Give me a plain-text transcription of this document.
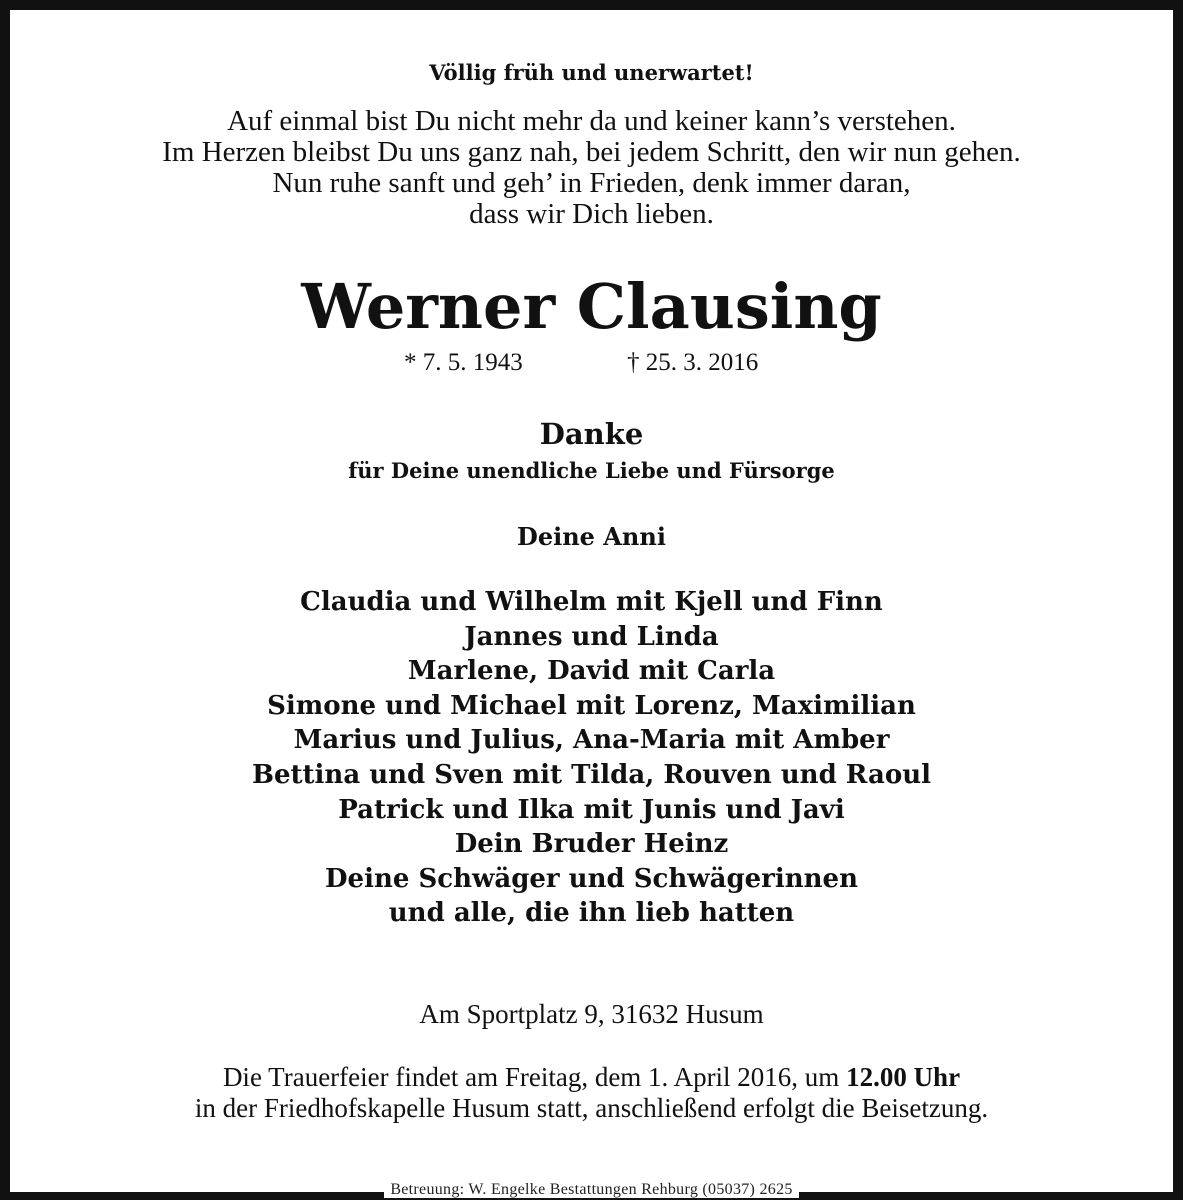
Völlig früh und unerwartet!
Auf einmal bist Du nicht mehr da und keiner kann’s verstehen.
Im Herzen bleibst Du uns ganz nah, bei jedem Schritt, den wir nun gehen.
Nun ruhe sanft und geh’ in Frieden, denk immer daran,
dass wir Dich lieben.
Werner Clausing
* 7. 5. 1943	† 25. 3. 2016
Danke
für Deine unendliche Liebe und Fürsorge
Deine Anni
Claudia und Wilhelm mit Kjell und Finn
Jannes und Linda
Marlene, David mit Carla
Simone und Michael mit Lorenz, Maximilian
Marius und Julius, Ana-Maria mit Amber
Bettina und Sven mit Tilda, Rouven und Raoul
Patrick und Ilka mit Junis und Javi
Dein Bruder Heinz
Deine Schwäger und Schwägerinnen
und alle, die ihn lieb hatten
Am Sportplatz 9, 31632 Husum
Die Trauerfeier findet am Freitag, dem 1. April 2016, um 12.00 Uhr
in der Friedhofskapelle Husum statt, anschließend erfolgt die Beisetzung.
Betreuung: W. Engelke Bestattungen Rehburg (05037) 2625
